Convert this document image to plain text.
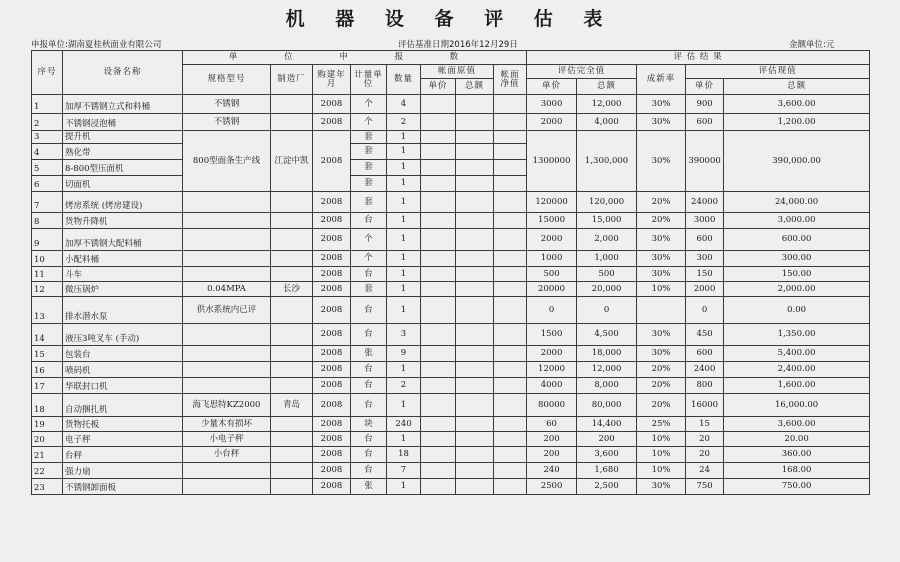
机 器 设 备 评 估 表
申报单位:湖南夏桂秋面业有限公司	评估基准日期2016年12月29日	金额单位:元
序号	设备名称	单 位 申 报 数								评 估 结 果				
		规格型号	制造厂	购建年月	计量单位	数量	帐面原值		帐面净值	评估完全值		成新率	评估现值	
							单价	总额		单价	总额		单价	总额
1	加厚不锈钢立式和料桶	不锈钢		2008	个	4				3000	12,000	30%	900	3,600.00
2	不锈钢浸泡桶	不锈钢		2008	个	2				2000	4,000	30%	600	1,200.00
3	提升机	800型面条生产线	江淀中凯	2008	套	1				1300000	1,300,000	30%	390000	390,000.00
4	熟化带				套	1								
5	8-800型压面机				套	1								
6	切面机				套	1								
7	烤房系统 (烤房建设)			2008	套	1				120000	120,000	20%	24000	24,000.00
8	货物升降机			2008	台	1				15000	15,000	20%	3000	3,000.00
9	加厚不锈钢大配料桶			2008	个	1				2000	2,000	30%	600	600.00
10	小配料桶			2008	个	1				1000	1,000	30%	300	300.00
11	斗车			2008	台	1				500	500	30%	150	150.00
12	微压锅炉	0.04MPA	长沙	2008	套	1				20000	20,000	10%	2000	2,000.00
13	排水潜水泵	供水系统内已评		2008	台	1				0	0		0	0.00
14	液压3吨叉车 (手动)			2008	台	3				1500	4,500	30%	450	1,350.00
15	包装台			2008	张	9				2000	18,000	30%	600	5,400.00
16	喷码机			2008	台	1				12000	12,000	20%	2400	2,400.00
17	华联封口机			2008	台	2				4000	8,000	20%	800	1,600.00
18	自动捆扎机	海飞思特KZ2000	青岛	2008	台	1				80000	80,000	20%	16000	16,000.00
19	货物托板	少量木有损坏		2008	块	240				60	14,400	25%	15	3,600.00
20	电子秤	小电子秤		2008	台	1				200	200	10%	20	20.00
21	台秤	小台秤		2008	台	18				200	3,600	10%	20	360.00
22	强力扇			2008	台	7				240	1,680	10%	24	168.00
23	不锈钢卸面板			2008	张	1				2500	2,500	30%	750	750.00
